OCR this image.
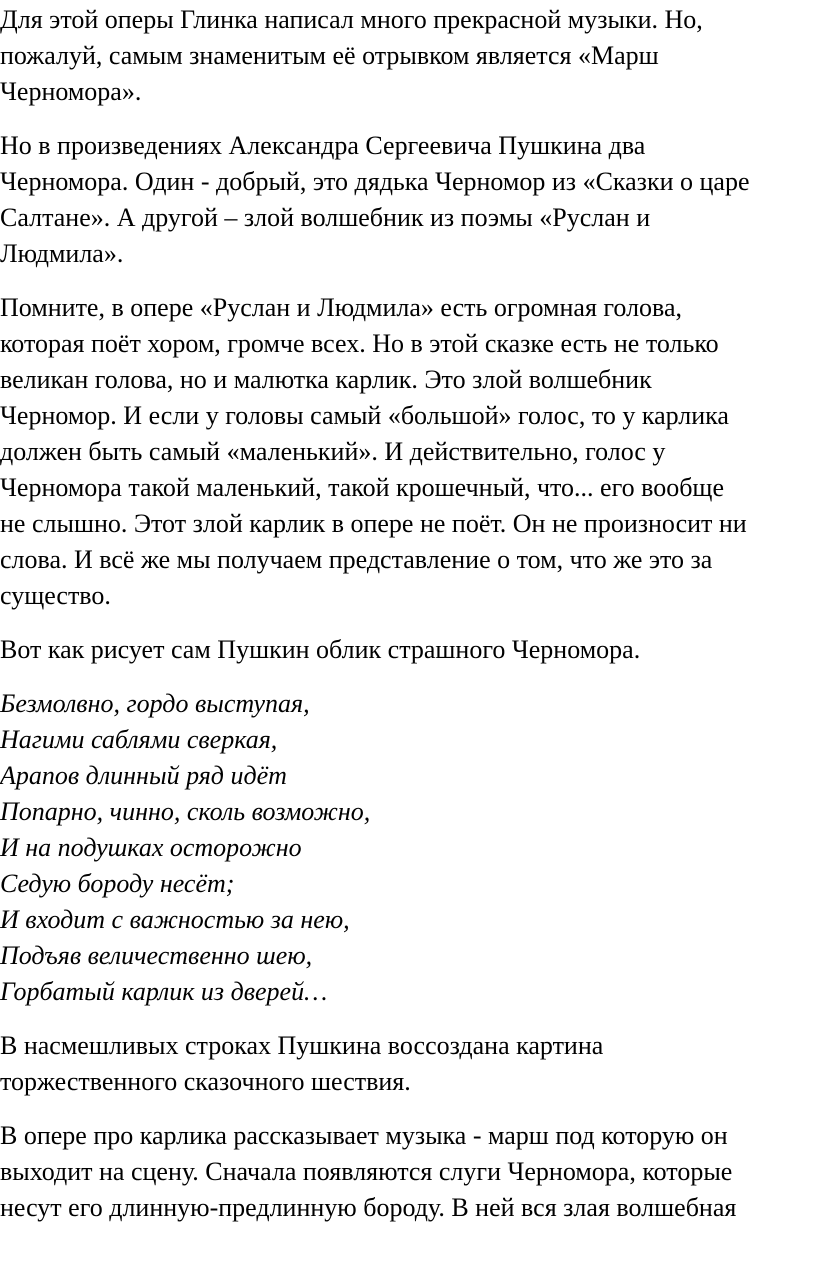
Для этой оперы Глинка написал много прекрасной музыки. Но,
пожалуй, самым знаменитым её отрывком является «Марш
Черномора».

Но в произведениях Александра Сергеевича Пушкина два
Черномора. Один - добрый, это дядька Черномор из «Сказки о царе
Салтане». А другой – злой волшебник из поэмы «Руслан и
Людмила».

Помните, в опере «Руслан и Людмила» есть огромная голова,
которая поёт хором, громче всех. Но в этой сказке есть не только
великан голова, но и малютка карлик. Это злой волшебник
Черномор. И если у головы самый «большой» голос, то у карлика
должен быть самый «маленький». И действительно, голос у
Черномора такой маленький, такой крошечный, что... его вообще
не слышно. Этот злой карлик в опере не поёт. Он не произносит ни
слова. И всё же мы получаем представление о том, что же это за
существо.

Вот как рисует сам Пушкин облик страшного Черномора.

Безмолвно, гордо выступая,
Нагими саблями сверкая,
Арапов длинный ряд идёт
Попарно, чинно, сколь возможно,
И на подушках осторожно
Седую бороду несёт;
И входит с важностью за нею,
Подъяв величественно шею,
Горбатый карлик из дверей…

В насмешливых строках Пушкина воссоздана картина
торжественного сказочного шествия.

В опере про карлика рассказывает музыка - марш под которую он
выходит на сцену. Сначала появляются слуги Черномора, которые
несут его длинную-предлинную бороду. В ней вся злая волшебная
